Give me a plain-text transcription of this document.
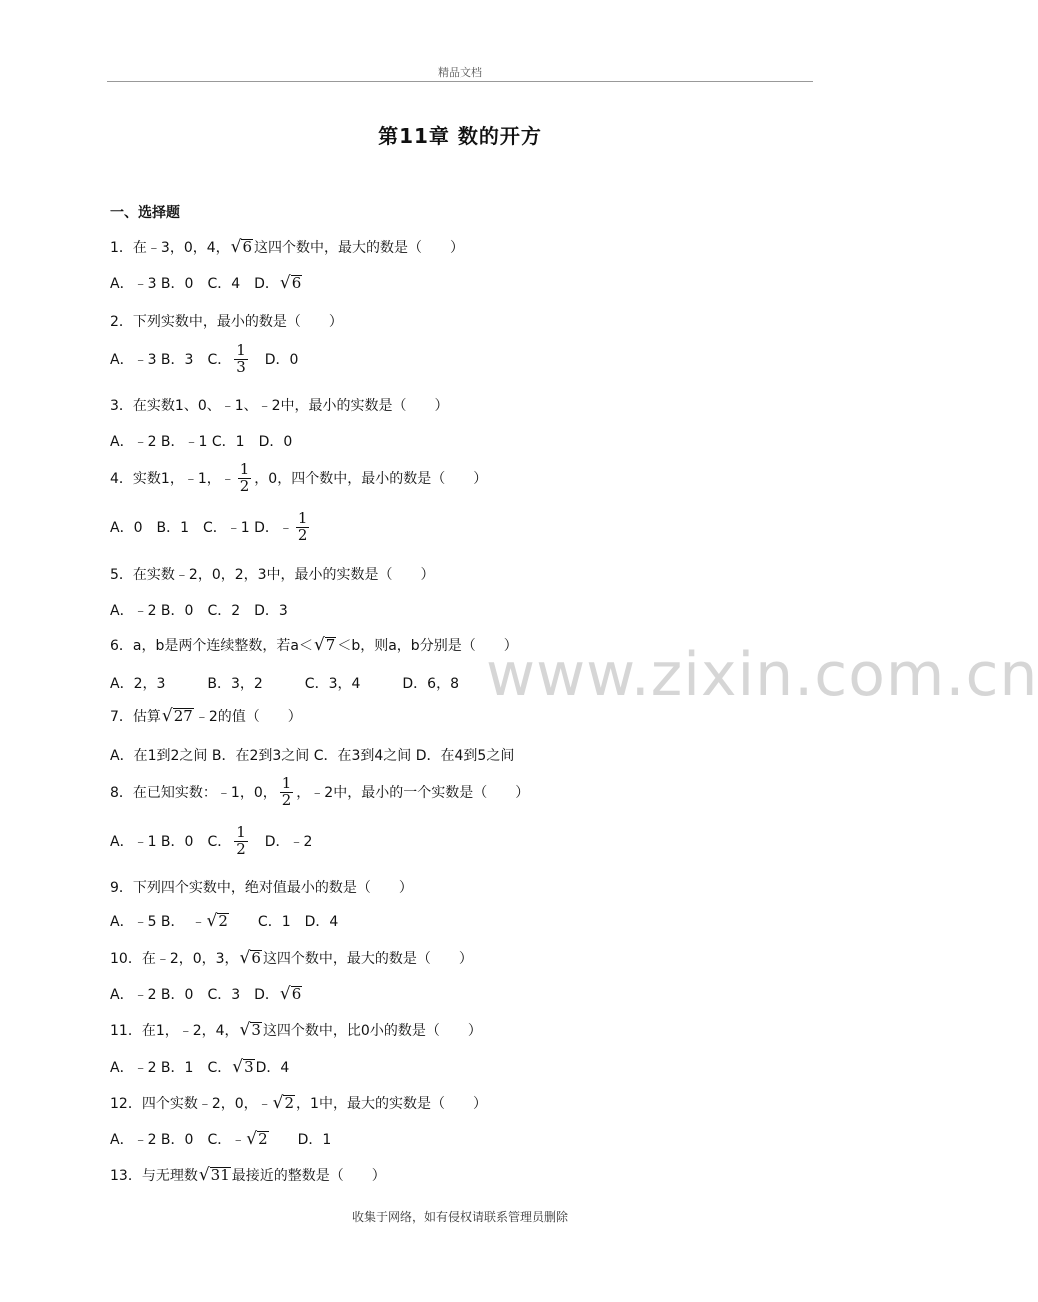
精品文档
第11章 数的开方
一、选择题
www.zixin.com.cn
1．在﹣3，0，4， √ 6 这四个数中，最大的数是（　　）
A．﹣3 B．0　C．4　D． √ 6
2．下列实数中，最小的数是（　　）
A．﹣3 B．3　C． $\frac{1}{3}$ 　D．0
3．在实数1、0、﹣1、﹣2中，最小的实数是（　　）
A．﹣2 B．﹣1 C．1　D．0
4．实数1，﹣1，﹣ $\frac{1}{2}$ ，0，四个数中，最小的数是（　　）
A．0　B．1　C．﹣1 D．﹣ $\frac{1}{2}$
5．在实数﹣2，0，2，3中，最小的实数是（　　）
A．﹣2 B．0　C．2　D．3
6．a，b是两个连续整数，若a＜ √ 7 ＜b，则a，b分别是（　　）
A．2，3　　　B．3，2　　　C．3，4　　　D．6，8
7．估算 √ 27 ﹣2的值（　　）
A．在1到2之间 B．在2到3之间 C．在3到4之间 D．在4到5之间
8．在已知实数：﹣1，0， $\frac{1}{2}$ ，﹣2中，最小的一个实数是（　　）
A．﹣1 B．0　C． $\frac{1}{2}$ 　D．﹣2
9．下列四个实数中，绝对值最小的数是（　　）
A．﹣5 B．　﹣ √ 2 　　C．1　D．4
10．在﹣2，0，3， √ 6 这四个数中，最大的数是（　　）
A．﹣2 B．0　C．3　D． √ 6
11．在1，﹣2，4， √ 3 这四个数中，比0小的数是（　　）
A．﹣2 B．1　C． √ 3 D．4
12．四个实数﹣2，0，﹣ √ 2 ，1中，最大的实数是（　　）
A．﹣2 B．0　C．﹣ √ 2 　　D．1
13．与无理数 √ 31 最接近的整数是（　　）
收集于网络，如有侵权请联系管理员删除
